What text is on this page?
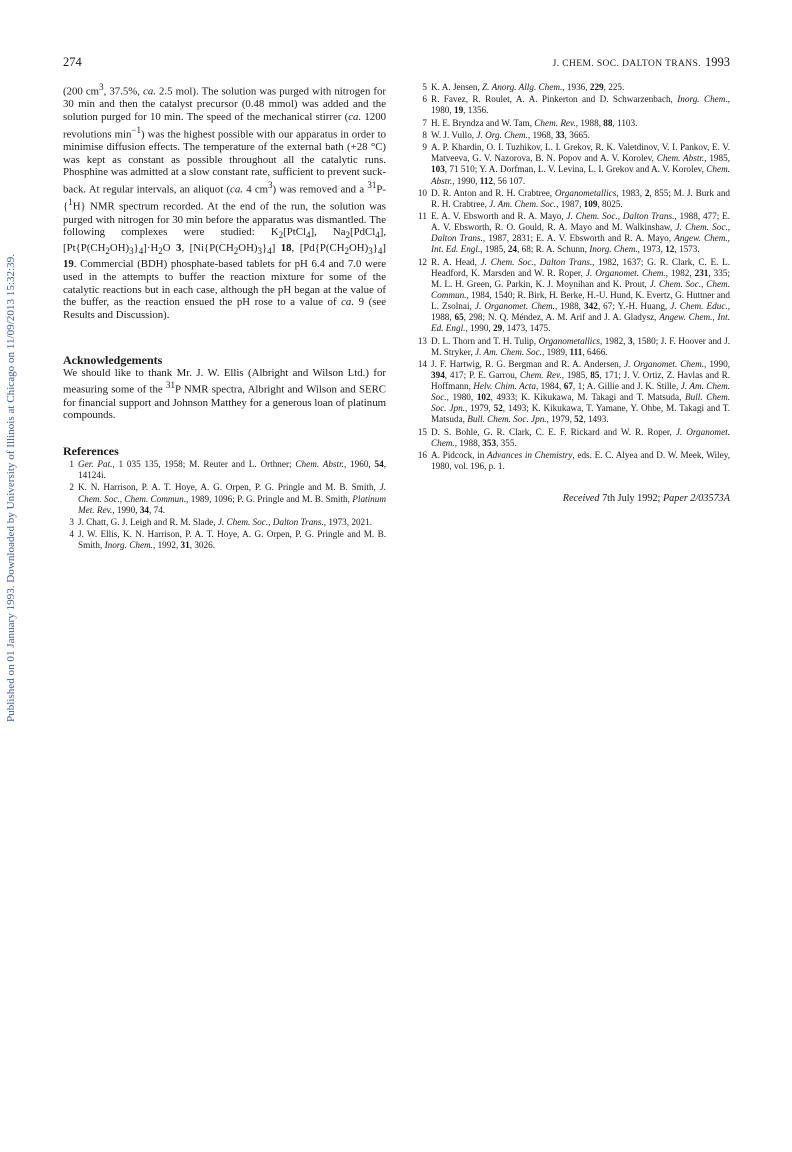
274	J. CHEM. SOC. DALTON TRANS. 1993
Published on 01 January 1993. Downloaded by University of Illinois at Chicago on 11/09/2013 15:32:39.

(200 $cm^3$, 37.5%, ca. 2.5 mol). The solution was purged with nitrogen for 30 min and then the catalyst precursor (0.48 mmol) was added and the solution purged for 10 min. The speed of the mechanical stirrer (ca. 1200 revolutions $\min^{-1}$) was the highest possible with our apparatus in order to minimise diffusion effects. The temperature of the external bath (+28 °C) was kept as constant as possible throughout all the catalytic runs. Phosphine was admitted at a slow constant rate, sufficient to prevent suck-back. At regular intervals, an aliquot (ca. 4 $cm^3$) was removed and a $^{31}$P-{$^1$H} NMR spectrum recorded. At the end of the run, the solution was purged with nitrogen for 30 min before the apparatus was dismantled. The following complexes were studied: $K_2[PtCl_4]$, $Na_2[PdCl_4]$, $[Pt\{P(CH_2OH)_3\}_4]\cdot H_2O$ 3, $[Ni\{P(CH_2OH)_3\}_4]$ 18, $[Pd\{P(CH_2OH)_3\}_4]$ 19. Commercial (BDH) phosphate-based tablets for pH 6.4 and 7.0 were used in the attempts to buffer the reaction mixture for some of the catalytic reactions but in each case, although the pH began at the value of the buffer, as the reaction ensued the pH rose to a value of ca. 9 (see Results and Discussion).

Acknowledgements

We should like to thank Mr. J. W. Ellis (Albright and Wilson Ltd.) for measuring some of the $^{31}$P NMR spectra, Albright and Wilson and SERC for financial support and Johnson Matthey for a generous loan of platinum compounds.

References
1 Ger. Pat., 1 035 135, 1958; M. Reuter and L. Orthner; Chem. Abstr., 1960, 54, 14124i.
2 K. N. Harrison, P. A. T. Hoye, A. G. Orpen, P. G. Pringle and M. B. Smith, J. Chem. Soc., Chem. Commun., 1989, 1096; P. G. Pringle and M. B. Smith, Platinum Met. Rev., 1990, 34, 74.
3 J. Chatt, G. J. Leigh and R. M. Slade, J. Chem. Soc., Dalton Trans., 1973, 2021.
4 J. W. Ellis, K. N. Harrison, P. A. T. Hoye, A. G. Orpen, P. G. Pringle and M. B. Smith, Inorg. Chem., 1992, 31, 3026.
5 K. A. Jensen, Z. Anorg. Allg. Chem., 1936, 229, 225.
6 R. Favez, R. Roulet, A. A. Pinkerton and D. Schwarzenbach, Inorg. Chem., 1980, 19, 1356.
7 H. E. Bryndza and W. Tam, Chem. Rev., 1988, 88, 1103.
8 W. J. Vullo, J. Org. Chem., 1968, 33, 3665.
9 A. P. Khardin, O. I. Tuzhikov, L. I. Grekov, R. K. Valetdinov, V. I. Pankov, E. V. Matveeva, G. V. Nazorova, B. N. Popov and A. V. Korolev, Chem. Abstr., 1985, 103, 71 510; Y. A. Dorfman, L. V. Levina, L. I. Grekov and A. V. Korolev, Chem. Abstr., 1990, 112, 56 107.
10 D. R. Anton and R. H. Crabtree, Organometallics, 1983, 2, 855; M. J. Burk and R. H. Crabtree, J. Am. Chem. Soc., 1987, 109, 8025.
11 E. A. V. Ebsworth and R. A. Mayo, J. Chem. Soc., Dalton Trans., 1988, 477; E. A. V. Ebsworth, R. O. Gould, R. A. Mayo and M. Walkinshaw, J. Chem. Soc., Dalton Trans., 1987, 2831; E. A. V. Ebsworth and R. A. Mayo, Angew. Chem., Int. Ed. Engl., 1985, 24, 68; R. A. Schunn, Inorg. Chem., 1973, 12, 1573.
12 R. A. Head, J. Chem. Soc., Dalton Trans., 1982, 1637; G. R. Clark, C. E. L. Headford, K. Marsden and W. R. Roper, J. Organomet. Chem., 1982, 231, 335; M. L. H. Green, G. Parkin, K. J. Moynihan and K. Prout, J. Chem. Soc., Chem. Commun., 1984, 1540; R. Birk, H. Berke, H.-U. Hund, K. Evertz, G. Huttner and L. Zsolnai, J. Organomet. Chem., 1988, 342, 67; Y.-H. Huang, J. Chem. Educ., 1988, 65, 298; N. Q. Méndez, A. M. Arif and J. A. Gladysz, Angew. Chem., Int. Ed. Engl., 1990, 29, 1473, 1475.
13 D. L. Thorn and T. H. Tulip, Organometallics, 1982, 3, 1580; J. F. Hoover and J. M. Stryker, J. Am. Chem. Soc., 1989, 111, 6466.
14 J. F. Hartwig, R. G. Bergman and R. A. Andersen, J. Organomet. Chem., 1990, 394, 417; P. E. Garrou, Chem. Rev., 1985, 85, 171; J. V. Ortiz, Z. Havlas and R. Hoffmann, Helv. Chim. Acta, 1984, 67, 1; A. Gillie and J. K. Stille, J. Am. Chem. Soc., 1980, 102, 4933; K. Kikukawa, M. Takagi and T. Matsuda, Bull. Chem. Soc. Jpn., 1979, 52, 1493; K. Kikukawa, T. Yamane, Y. Ohbe, M. Takagi and T. Matsuda, Bull. Chem. Soc. Jpn., 1979, 52, 1493.
15 D. S. Bohle, G. R. Clark, C. E. F. Rickard and W. R. Roper, J. Organomet. Chem., 1988, 353, 355.
16 A. Pidcock, in Advances in Chemistry, eds. E. C. Alyea and D. W. Meek, Wiley, 1980, vol. 196, p. 1.
Received 7th July 1992; Paper 2/03573A
